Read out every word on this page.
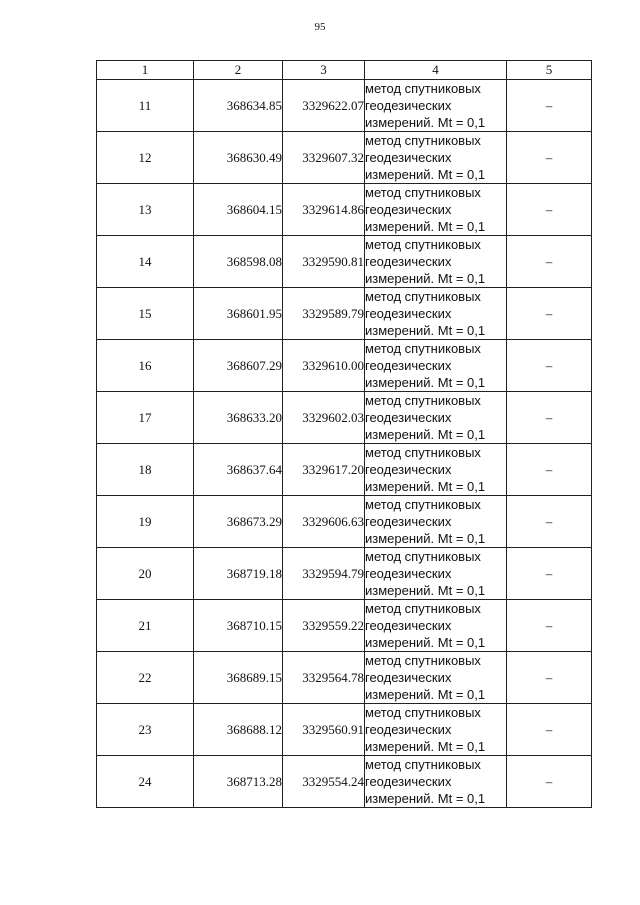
95
1	2	3	4	5
11	368634.85	3329622.07	метод спутниковых
геодезических
измерений. Mt = 0,1	–
12	368630.49	3329607.32	метод спутниковых
геодезических
измерений. Mt = 0,1	–
13	368604.15	3329614.86	метод спутниковых
геодезических
измерений. Mt = 0,1	–
14	368598.08	3329590.81	метод спутниковых
геодезических
измерений. Mt = 0,1	–
15	368601.95	3329589.79	метод спутниковых
геодезических
измерений. Mt = 0,1	–
16	368607.29	3329610.00	метод спутниковых
геодезических
измерений. Mt = 0,1	–
17	368633.20	3329602.03	метод спутниковых
геодезических
измерений. Mt = 0,1	–
18	368637.64	3329617.20	метод спутниковых
геодезических
измерений. Mt = 0,1	–
19	368673.29	3329606.63	метод спутниковых
геодезических
измерений. Mt = 0,1	–
20	368719.18	3329594.79	метод спутниковых
геодезических
измерений. Mt = 0,1	–
21	368710.15	3329559.22	метод спутниковых
геодезических
измерений. Mt = 0,1	–
22	368689.15	3329564.78	метод спутниковых
геодезических
измерений. Mt = 0,1	–
23	368688.12	3329560.91	метод спутниковых
геодезических
измерений. Mt = 0,1	–
24	368713.28	3329554.24	метод спутниковых
геодезических
измерений. Mt = 0,1	–
